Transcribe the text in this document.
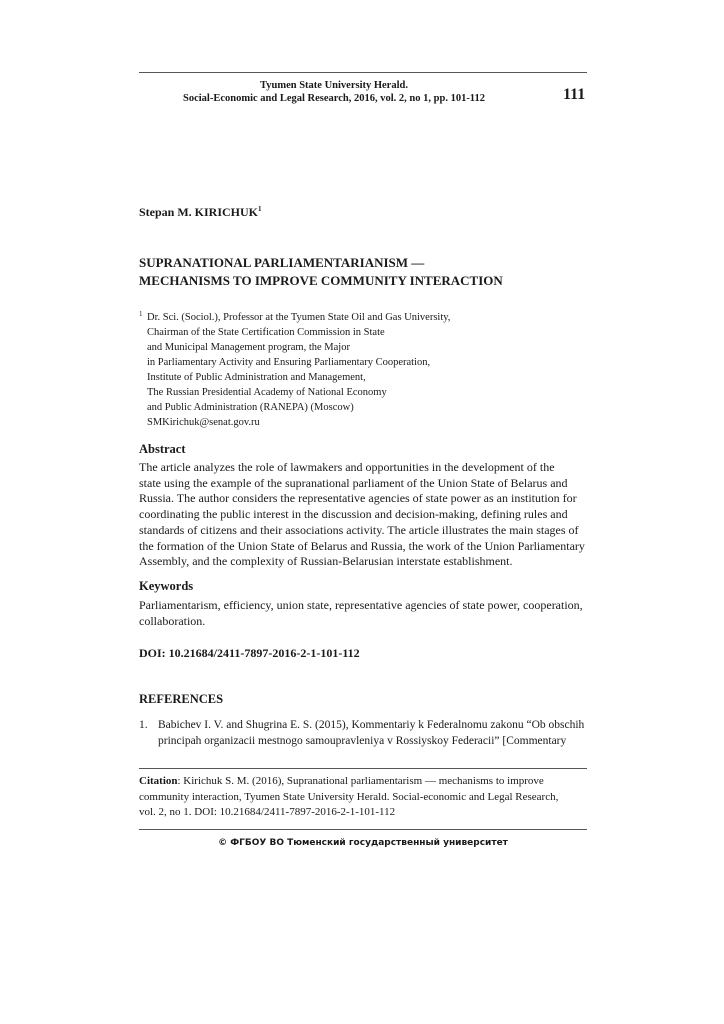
Tyumen State University Herald.
Social-Economic and Legal Research, 2016, vol. 2, no 1, pp. 101-112	111
Stepan M. KIRICHUK$^1$
SUPRANATIONAL PARLIAMENTARIANISM —
MECHANISMS TO IMPROVE COMMUNITY INTERACTION
1 Dr. Sci. (Sociol.), Professor at the Tyumen State Oil and Gas University,
Chairman of the State Certification Commission in State
and Municipal Management program, the Major
in Parliamentary Activity and Ensuring Parliamentary Cooperation,
Institute of Public Administration and Management,
The Russian Presidential Academy of National Economy
and Public Administration (RANEPA) (Moscow)
SMKirichuk@senat.gov.ru
Abstract
The article analyzes the role of lawmakers and opportunities in the development of the
state using the example of the supranational parliament of the Union State of Belarus and
Russia. The author considers the representative agencies of state power as an institution for
coordinating the public interest in the discussion and decision-making, defining rules and
standards of citizens and their associations activity. The article illustrates the main stages of
the formation of the Union State of Belarus and Russia, the work of the Union Parliamentary
Assembly, and the complexity of Russian-Belarusian interstate establishment.
Keywords
Parliamentarism, efficiency, union state, representative agencies of state power, cooperation,
collaboration.
DOI: 10.21684/2411-7897-2016-2-1-101-112
REFERENCES
1. Babichev I. V. and Shugrina E. S. (2015), Kommentariy k Federalnomu zakonu “Ob obschih
principah organizacii mestnogo samoupravleniya v Rossiyskoy Federacii” [Commentary
Citation: Kirichuk S. M. (2016), Supranational parliamentarism — mechanisms to improve
community interaction, Tyumen State University Herald. Social-economic and Legal Research,
vol. 2, no 1. DOI: 10.21684/2411-7897-2016-2-1-101-112
© ФГБОУ ВО Тюменский государственный университет
